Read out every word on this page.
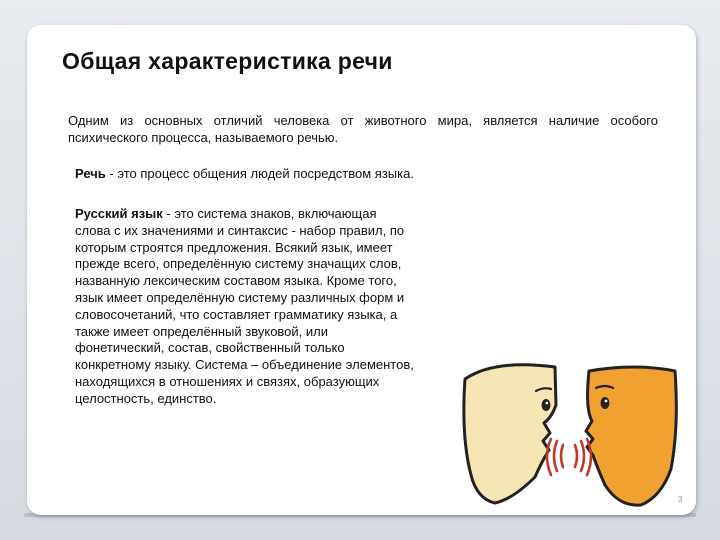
Общая характеристика речи
Одним из основных отличий человека от животного мира, является наличие особого психического процесса, называемого речью.
Речь - это процесс общения людей посредством языка.
Русский язык - это система знаков, включающая слова с их значениями и синтаксис - набор правил, по которым строятся предложения. Всякий язык, имеет прежде всего, определённую систему значащих слов, названную лексическим составом языка. Кроме того, язык имеет определённую систему различных форм и словосочетаний, что составляет грамматику языка, а также имеет определённый звуковой, или фонетический, состав, свойственный только конкретному языку. Система – объединение элементов, находящихся в отношениях и связях, образующих целостность, единство.
3
